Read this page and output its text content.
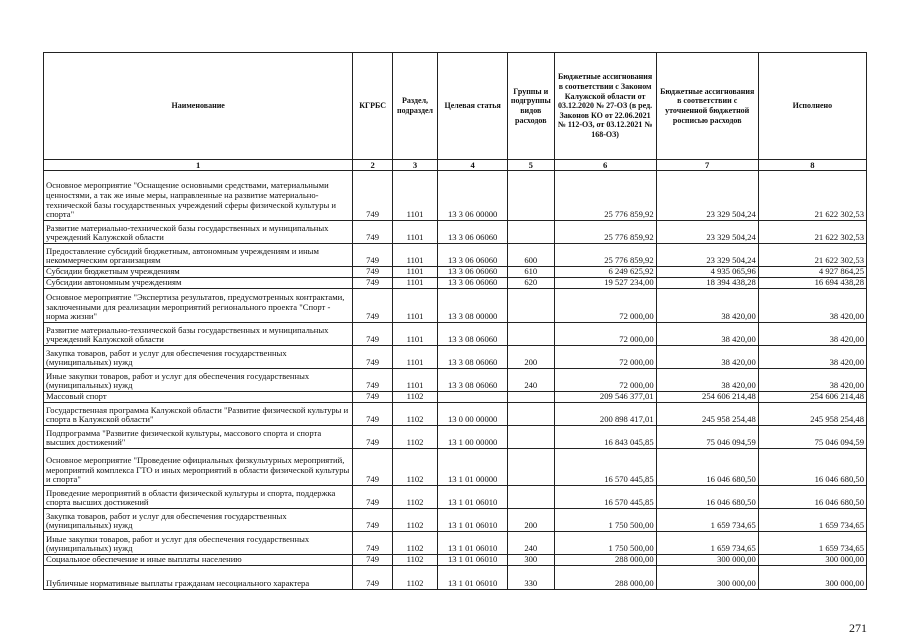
Наименование	КГРБС	Раздел, подраздел	Целевая статья	Группы и подгруппы видов расходов	Бюджетные ассигнования в соответствии с Законом Калужской области от 03.12.2020 № 27-ОЗ (в ред. Законов КО от 22.06.2021 № 112-ОЗ, от 03.12.2021 № 168-ОЗ)	Бюджетные ассигнования в соответствии с уточненной бюджетной росписью расходов	Исполнено
1	2	3	4	5	6	7	8
Основное мероприятие "Оснащение основными средствами, материальными ценностями, а так же иные меры, направленные на развитие материально-технической базы государственных учреждений сферы физической культуры и спорта"	749	1101	13 3 06 00000		25 776 859,92	23 329 504,24	21 622 302,53
Развитие материально-технической базы государственных и муниципальных учреждений Калужской области	749	1101	13 3 06 06060		25 776 859,92	23 329 504,24	21 622 302,53
Предоставление субсидий бюджетным, автономным учреждениям и иным некоммерческим организациям	749	1101	13 3 06 06060	600	25 776 859,92	23 329 504,24	21 622 302,53
Субсидии бюджетным учреждениям	749	1101	13 3 06 06060	610	6 249 625,92	4 935 065,96	4 927 864,25
Субсидии автономным учреждениям	749	1101	13 3 06 06060	620	19 527 234,00	18 394 438,28	16 694 438,28
Основное мероприятие "Экспертиза результатов, предусмотренных контрактами, заключенными для реализации мероприятий регионального проекта "Спорт - норма жизни"	749	1101	13 3 08 00000		72 000,00	38 420,00	38 420,00
Развитие материально-технической базы государственных и муниципальных учреждений Калужской области	749	1101	13 3 08 06060		72 000,00	38 420,00	38 420,00
Закупка товаров, работ и услуг для обеспечения государственных (муниципальных) нужд	749	1101	13 3 08 06060	200	72 000,00	38 420,00	38 420,00
Иные закупки товаров, работ и услуг для обеспечения государственных (муниципальных) нужд	749	1101	13 3 08 06060	240	72 000,00	38 420,00	38 420,00
Массовый спорт	749	1102			209 546 377,01	254 606 214,48	254 606 214,48
Государственная программа Калужской области "Развитие физической культуры и спорта в Калужской области"	749	1102	13 0 00 00000		200 898 417,01	245 958 254,48	245 958 254,48
Подпрограмма "Развитие физической культуры, массового спорта и спорта высших достижений"	749	1102	13 1 00 00000		16 843 045,85	75 046 094,59	75 046 094,59
Основное мероприятие "Проведение официальных физкультурных мероприятий, мероприятий комплекса ГТО и иных мероприятий в области физической культуры и спорта"	749	1102	13 1 01 00000		16 570 445,85	16 046 680,50	16 046 680,50
Проведение мероприятий в области физической культуры и спорта, поддержка спорта высших достижений	749	1102	13 1 01 06010		16 570 445,85	16 046 680,50	16 046 680,50
Закупка товаров, работ и услуг для обеспечения государственных (муниципальных) нужд	749	1102	13 1 01 06010	200	1 750 500,00	1 659 734,65	1 659 734,65
Иные закупки товаров, работ и услуг для обеспечения государственных (муниципальных) нужд	749	1102	13 1 01 06010	240	1 750 500,00	1 659 734,65	1 659 734,65
Социальное обеспечение и иные выплаты населению	749	1102	13 1 01 06010	300	288 000,00	300 000,00	300 000,00
Публичные нормативные выплаты гражданам несоциального характера	749	1102	13 1 01 06010	330	288 000,00	300 000,00	300 000,00
271
